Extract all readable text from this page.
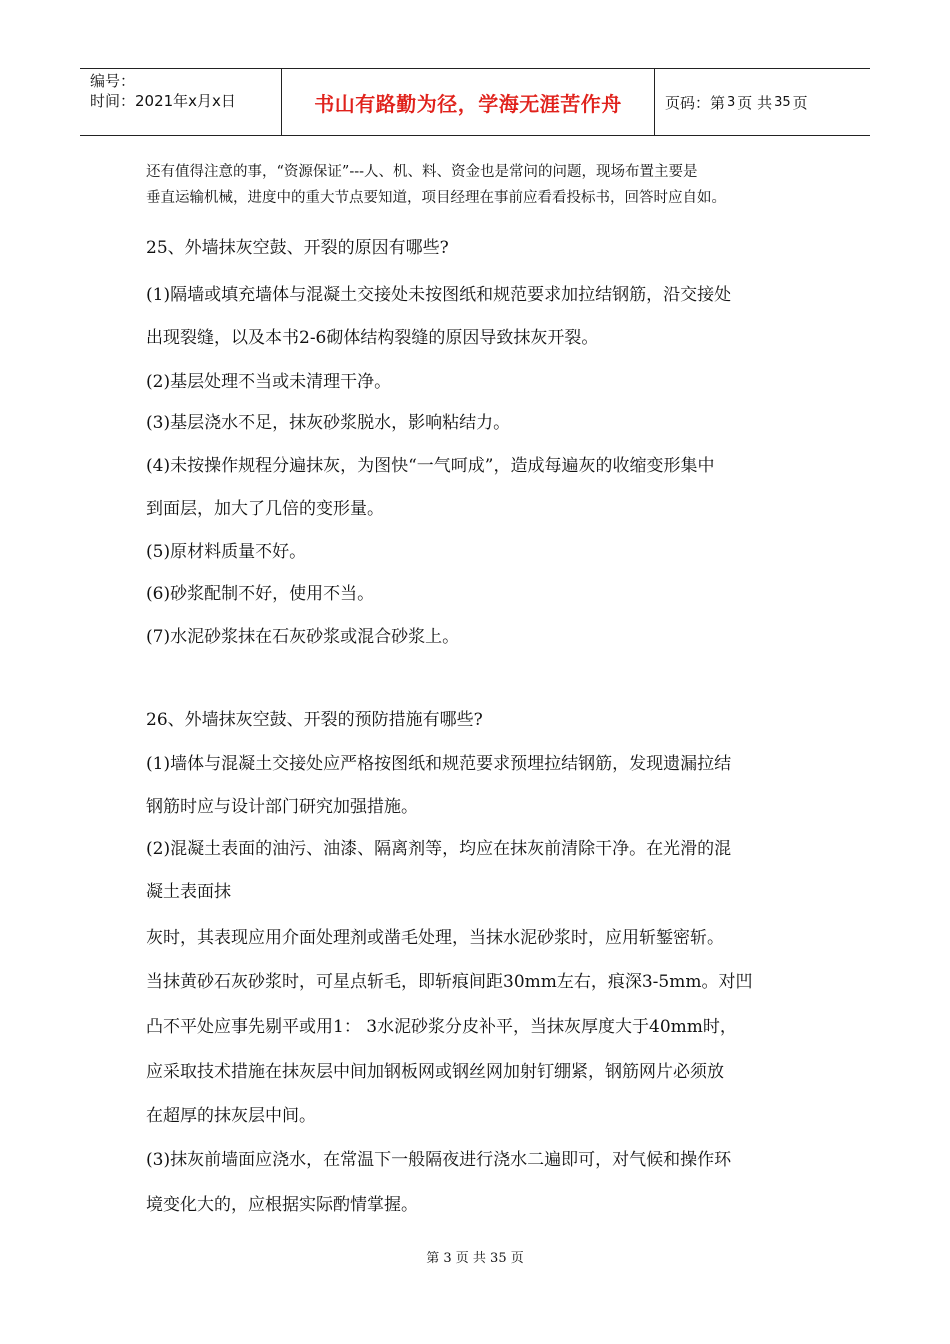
编号：
时间：2021年x月x日	书山有路勤为径，学海无涯苦作舟	页码：第 3 页 共 35 页
还有值得注意的事，“资源保证”---人、机、料、资金也是常问的问题，现场布置主要是
垂直运输机械，进度中的重大节点要知道，项目经理在事前应看看投标书，回答时应自如。
25、外墙抹灰空鼓、开裂的原因有哪些?
(1)隔墙或填充墙体与混凝土交接处未按图纸和规范要求加拉结钢筋，沿交接处
出现裂缝，以及本书2-6砌体结构裂缝的原因导致抹灰开裂。
(2)基层处理不当或未清理干净。
(3)基层浇水不足，抹灰砂浆脱水，影响粘结力。
(4)未按操作规程分遍抹灰，为图快“一气呵成”，造成每遍灰的收缩变形集中
到面层，加大了几倍的变形量。
(5)原材料质量不好。
(6)砂浆配制不好，使用不当。
(7)水泥砂浆抹在石灰砂浆或混合砂浆上。
26、外墙抹灰空鼓、开裂的预防措施有哪些?
(1)墙体与混凝土交接处应严格按图纸和规范要求预埋拉结钢筋，发现遗漏拉结
钢筋时应与设计部门研究加强措施。
(2)混凝土表面的油污、油漆、隔离剂等，均应在抹灰前清除干净。在光滑的混
凝土表面抹
灰时，其表现应用介面处理剂或凿毛处理，当抹水泥砂浆时，应用斩錾密斩。
当抹黄砂石灰砂浆时，可星点斩毛，即斩痕间距30mm左右，痕深3-5mm。对凹
凸不平处应事先剔平或用1： 3水泥砂浆分皮补平，当抹灰厚度大于40mm时，
应采取技术措施在抹灰层中间加钢板网或钢丝网加射钉绷紧，钢筋网片必须放
在超厚的抹灰层中间。
(3)抹灰前墙面应浇水，在常温下一般隔夜进行浇水二遍即可，对气候和操作环
境变化大的，应根据实际酌情掌握。
第 3 页 共 35 页
